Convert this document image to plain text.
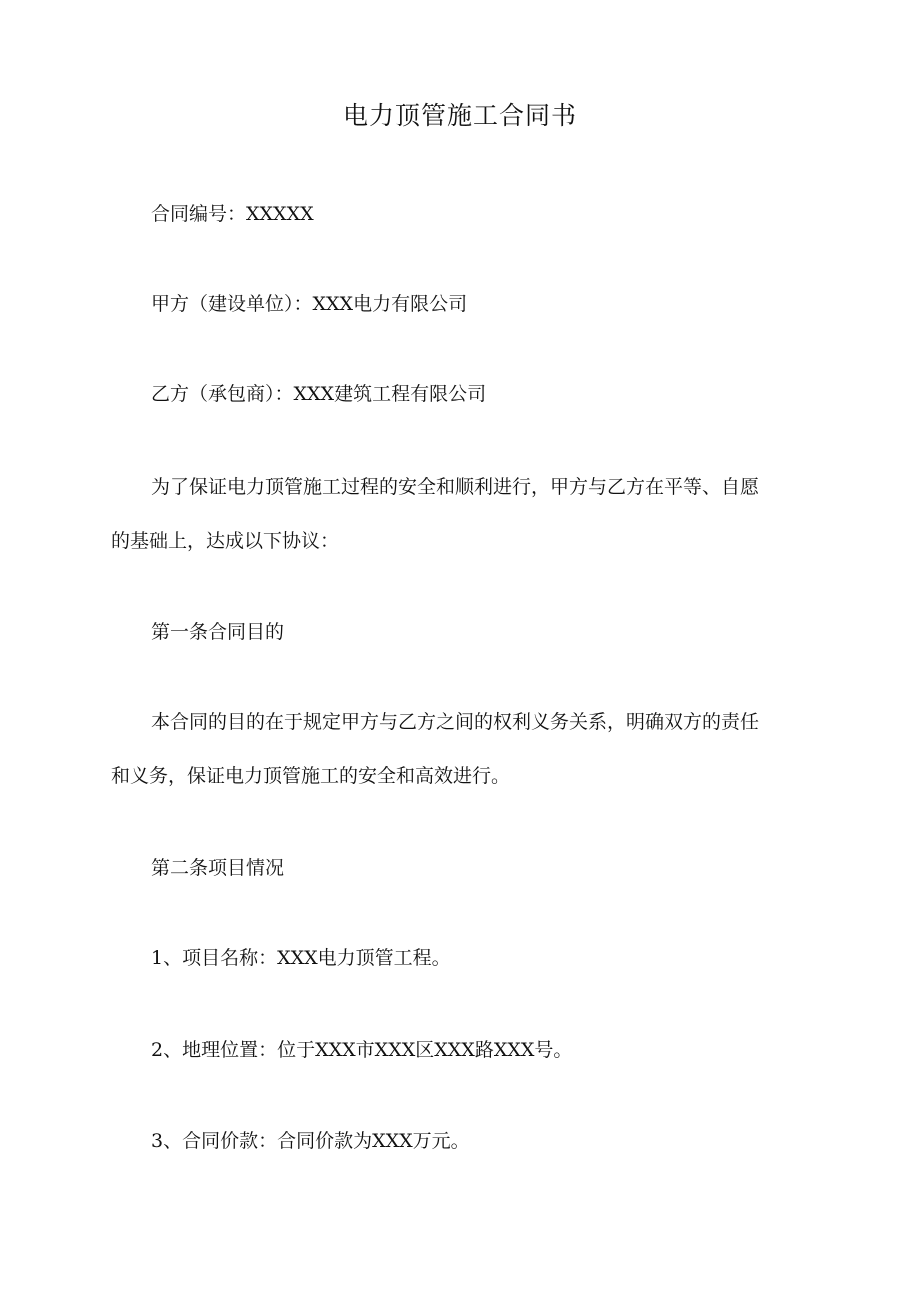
电力顶管施工合同书

合同编号：XXXXX

甲方（建设单位）：XXX电力有限公司

乙方（承包商）：XXX建筑工程有限公司

为了保证电力顶管施工过程的安全和顺利进行，甲方与乙方在平等、自愿
的基础上，达成以下协议：

第一条合同目的

本合同的目的在于规定甲方与乙方之间的权利义务关系，明确双方的责任
和义务，保证电力顶管施工的安全和高效进行。

第二条项目情况

1、项目名称：XXX电力顶管工程。

2、地理位置：位于XXX市XXX区XXX路XXX号。

3、合同价款：合同价款为XXX万元。
